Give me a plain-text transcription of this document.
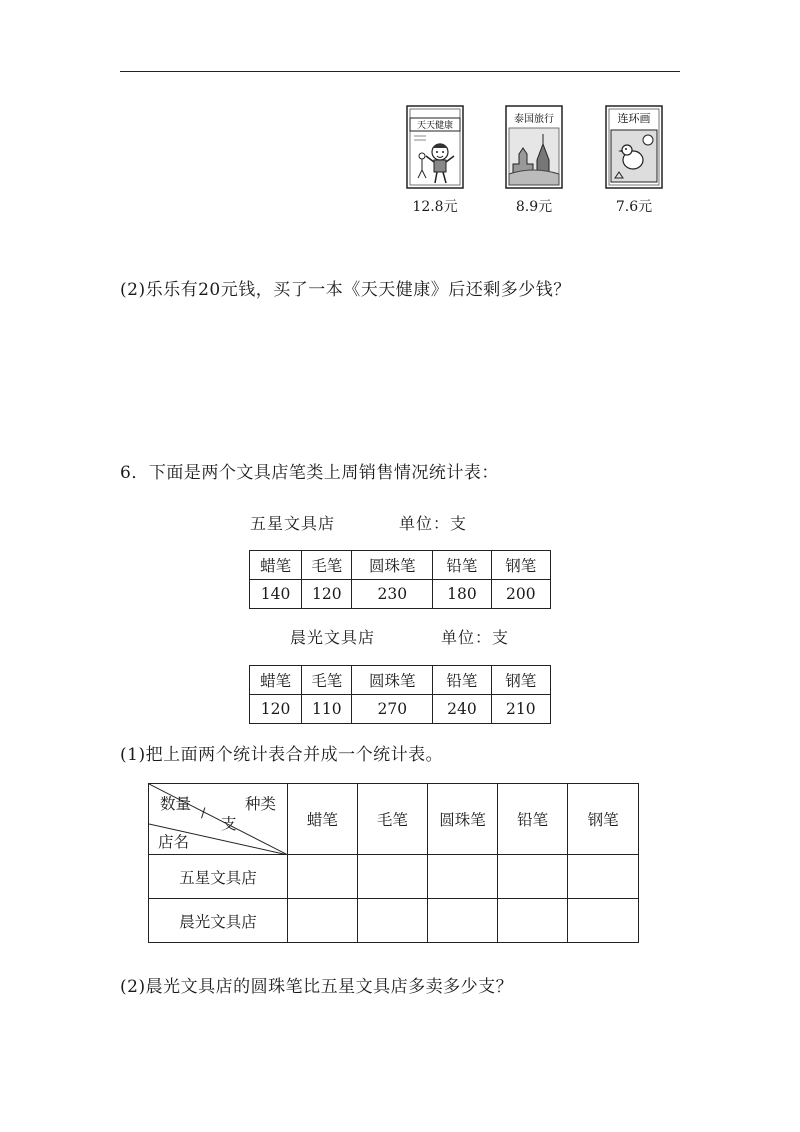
天天健康
泰国旅行	连环画
12.8元	8.9元	7.6元
(2)乐乐有20元钱，买了一本《天天健康》后还剩多少钱？
6．下面是两个文具店笔类上周销售情况统计表：
五星文具店	单位：支
蜡笔	毛笔	圆珠笔	铅笔	钢笔
140	120	230	180	200
晨光文具店	单位：支
蜡笔	毛笔	圆珠笔	铅笔	钢笔
120	110	270	240	210
(1)把上面两个统计表合并成一个统计表。
数量
/
支
种类
店名	蜡笔	毛笔	圆珠笔	铅笔	钢笔
五星文具店					
晨光文具店					
(2)晨光文具店的圆珠笔比五星文具店多卖多少支？
